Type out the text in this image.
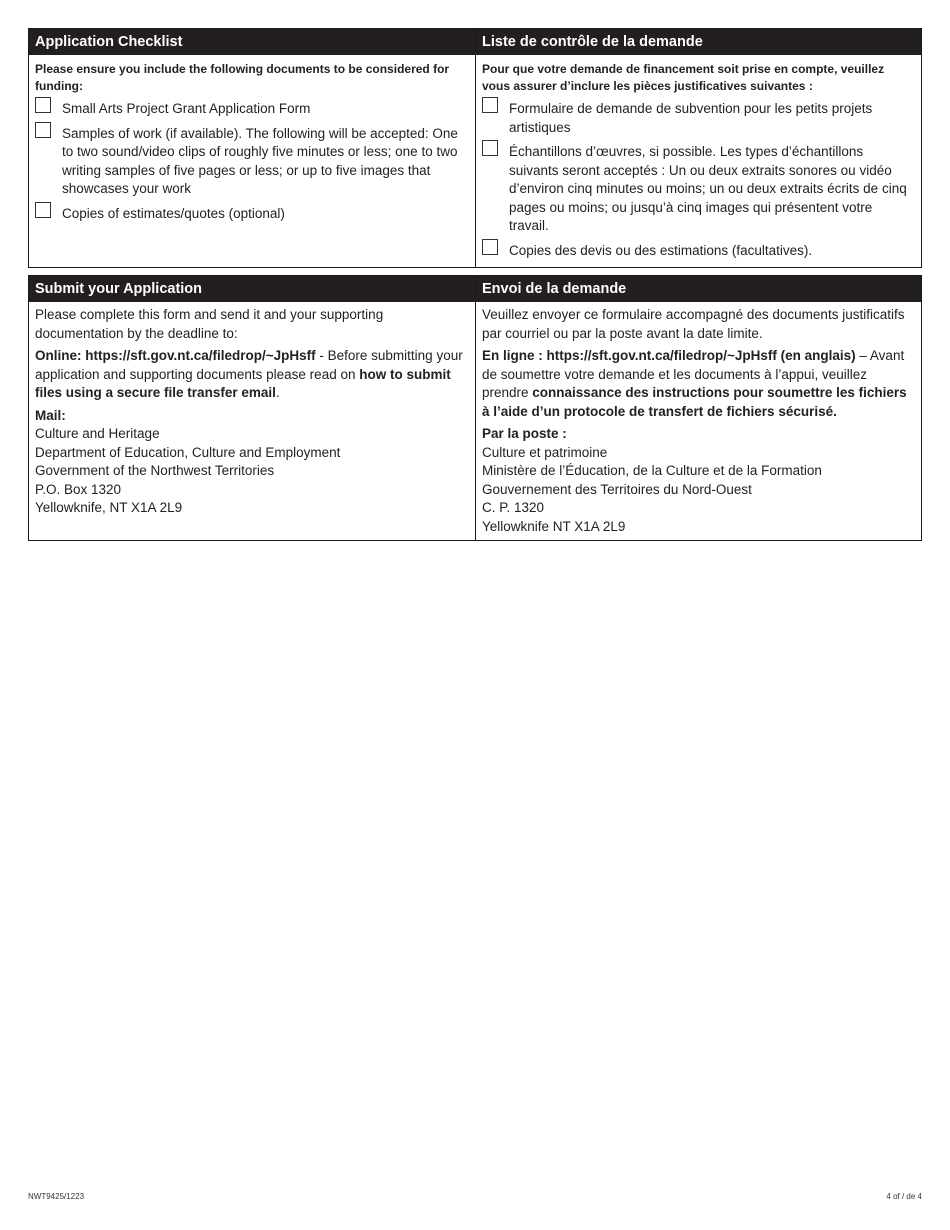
Application Checklist
Please ensure you include the following documents to be considered for funding:
Small Arts Project Grant Application Form
Samples of work (if available). The following will be accepted: One to two sound/video clips of roughly five minutes or less; one to two writing samples of five pages or less; or up to five images that showcases your work
Copies of estimates/quotes (optional)
Liste de contrôle de la demande
Pour que votre demande de financement soit prise en compte, veuillez vous assurer d’inclure les pièces justificatives suivantes :
Formulaire de demande de subvention pour les petits projets artistiques
Échantillons d’œuvres, si possible. Les types d’échantillons suivants seront acceptés : Un ou deux extraits sonores ou vidéo d’environ cinq minutes ou moins; un ou deux extraits écrits de cinq pages ou moins; ou jusqu’à cinq images qui présentent votre travail.
Copies des devis ou des estimations (facultatives).
Submit your Application

Please complete this form and send it and your supporting documentation by the deadline to:

Online: https://sft.gov.nt.ca/filedrop/~JpHsff - Before submitting your application and supporting documents please read on how to submit files using a secure file transfer email.

Mail:
Culture and Heritage
Department of Education, Culture and Employment
Government of the Northwest Territories
P.O. Box 1320
Yellowknife, NT X1A 2L9
Envoi de la demande

Veuillez envoyer ce formulaire accompagné des documents justificatifs par courriel ou par la poste avant la date limite.

En ligne : https://sft.gov.nt.ca/filedrop/~JpHsff (en anglais) – Avant de soumettre votre demande et les documents à l’appui, veuillez prendre connaissance des instructions pour soumettre les fichiers à l’aide d’un protocole de transfert de fichiers sécurisé.

Par la poste :
Culture et patrimoine
Ministère de l’Éducation, de la Culture et de la Formation
Gouvernement des Territoires du Nord-Ouest
C. P. 1320
Yellowknife NT X1A 2L9
NWT9425/1223	4 of / de 4
